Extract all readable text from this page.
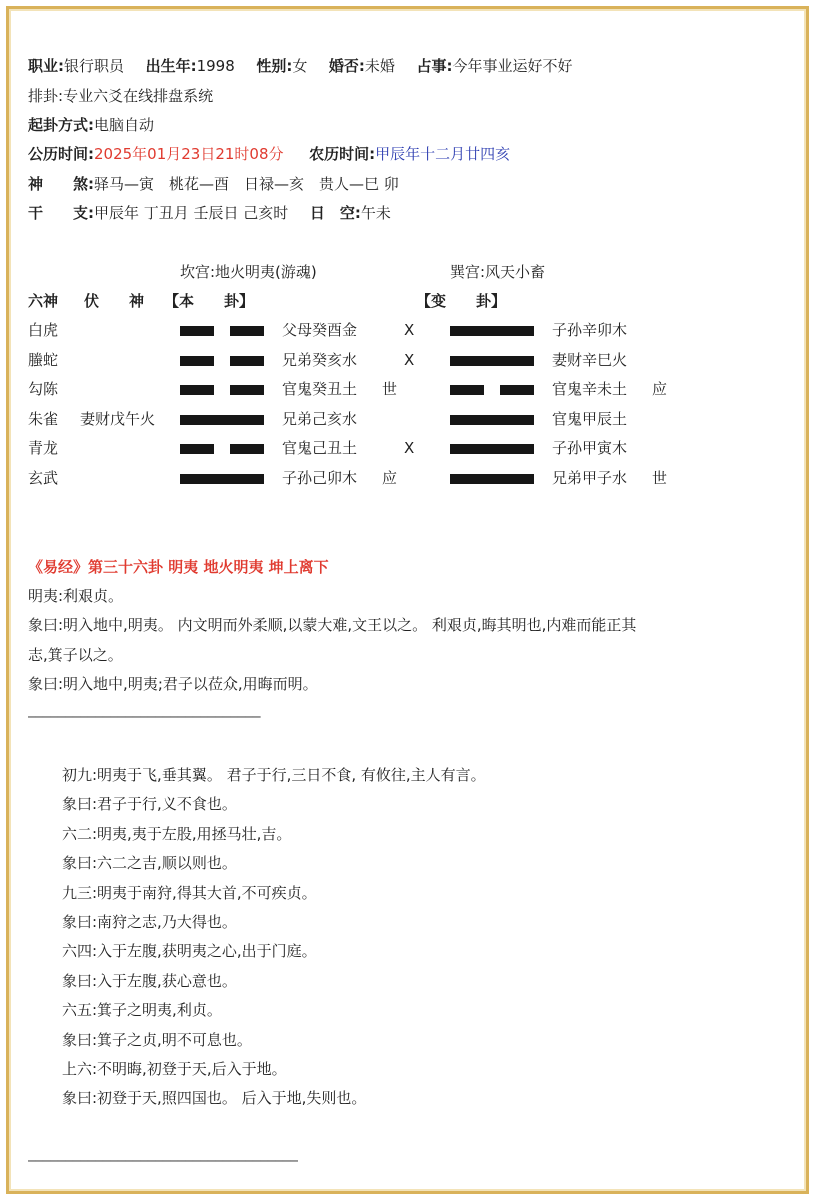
职业:银行职员 出生年:1998 性别:女 婚否:未婚 占事:今年事业运好不好
排卦:专业六爻在线排盘系统
起卦方式:电脑自动
公历时间:2025年01月23日21时08分 农历时间:甲辰年十二月廿四亥
神　　煞:驿马—寅　桃花—酉　日禄—亥　贵人—巳 卯
干　　支:甲辰年 丁丑月 壬辰日 己亥时 日　空:午未
坎宫:地火明夷(游魂)	巽宫:风天小畜
六神 伏　　神 【本　　卦】	【变　　卦】
白虎	父母癸酉金	X	子孙辛卯木
螣蛇	兄弟癸亥水	X	妻财辛巳火
勾陈	官鬼癸丑土 世	官鬼辛未土 应
朱雀 妻财戊午火	兄弟己亥水	官鬼甲辰土
青龙	官鬼己丑土	X	子孙甲寅木
玄武	子孙己卯木 应	兄弟甲子水 世
《易经》第三十六卦 明夷 地火明夷 坤上离下
明夷:利艰贞。
象曰:明入地中,明夷。 内文明而外柔顺,以蒙大难,文王以之。 利艰贞,晦其明也,内难而能正其
志,箕子以之。
象曰:明入地中,明夷;君子以莅众,用晦而明。
_______________________________
初九:明夷于飞,垂其翼。 君子于行,三日不食, 有攸往,主人有言。
象曰:君子于行,义不食也。
六二:明夷,夷于左股,用拯马壮,吉。
象曰:六二之吉,顺以则也。
九三:明夷于南狩,得其大首,不可疾贞。
象曰:南狩之志,乃大得也。
六四:入于左腹,获明夷之心,出于门庭。
象曰:入于左腹,获心意也。
六五:箕子之明夷,利贞。
象曰:箕子之贞,明不可息也。
上六:不明晦,初登于天,后入于地。
象曰:初登于天,照四国也。 后入于地,失则也。
____________________________________
